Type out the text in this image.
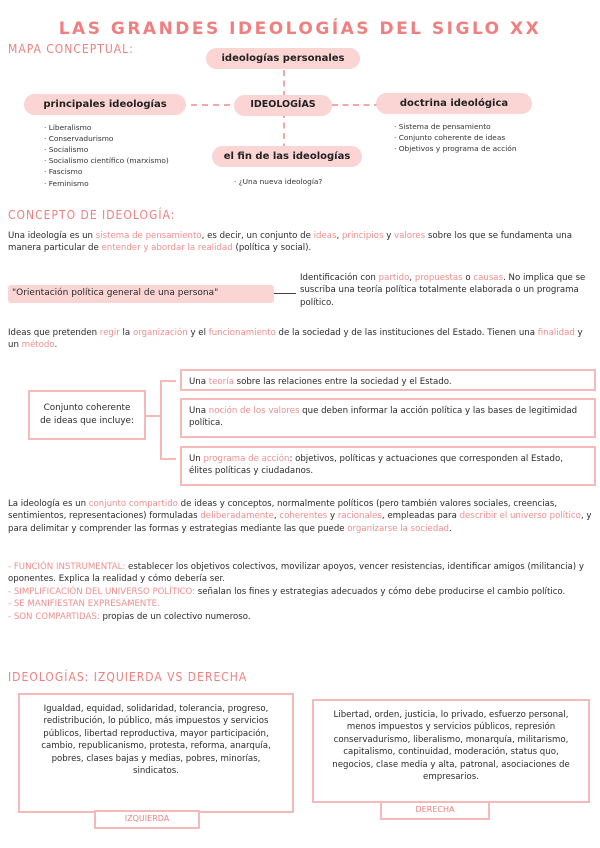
LAS GRANDES IDEOLOGÍAS DEL SIGLO XX
MAPA CONCEPTUAL:
ideologías personales
principales ideologías	IDEOLOGÍAS	doctrina ideológica
el fin de las ideologías
· Liberalismo
· Conservadurismo
· Socialismo
· Socialismo científico (marxismo)
· Fascismo
· Feminismo
· Sistema de pensamiento
· Conjunto coherente de ideas
· Objetivos y programa de acción
· ¿Una nueva ideología?
CONCEPTO DE IDEOLOGÍA:
Una ideología es un sistema de pensamiento, es decir, un conjunto de ideas, principios y valores sobre los que se fundamenta una manera particular de entender y abordar la realidad (política y social).
"Orientación política general de una persona"
Identificación con partido, propuestas o causas. No implica que se suscriba una teoría política totalmente elaborada o un programa político.
Ideas que pretenden regir la organización y el funcionamiento de la sociedad y de las instituciones del Estado. Tienen una finalidad y un método.
Conjunto coherente de ideas que incluye:
Una teoría sobre las relaciones entre la sociedad y el Estado.
Una noción de los valores que deben informar la acción política y las bases de legitimidad política.
Un programa de acción: objetivos, políticas y actuaciones que corresponden al Estado, élites políticas y ciudadanos.
La ideología es un conjunto compartido de ideas y conceptos, normalmente políticos (pero también valores sociales, creencias, sentimientos, representaciones) formuladas deliberadamente, coherentes y racionales, empleadas para describir el universo político, y para delimitar y comprender las formas y estrategias mediante las que puede organizarse la sociedad.
- FUNCIÓN INSTRUMENTAL: establecer los objetivos colectivos, movilizar apoyos, vencer resistencias, identificar amigos (militancia) y oponentes. Explica la realidad y cómo debería ser.
- SIMPLIFICACIÓN DEL UNIVERSO POLÍTICO: señalan los fines y estrategias adecuados y cómo debe producirse el cambio político.
- SE MANIFIESTAN EXPRESAMENTE.
- SON COMPARTIDAS: propias de un colectivo numeroso.
IDEOLOGÍAS: IZQUIERDA VS DERECHA
Igualdad, equidad, solidaridad, tolerancia, progreso, redistribución, lo público, más impuestos y servicios públicos, libertad reproductiva, mayor participación, cambio, republicanismo, protesta, reforma, anarquía, pobres, clases bajas y medias, pobres, minorías, sindicatos.
IZQUIERDA
Libertad, orden, justicia, lo privado, esfuerzo personal, menos impuestos y servicios públicos, represión conservadurismo, liberalismo, monarquía, militarismo, capitalismo, continuidad, moderación, status quo, negocios, clase media y alta, patronal, asociaciones de empresarios.
DERECHA
